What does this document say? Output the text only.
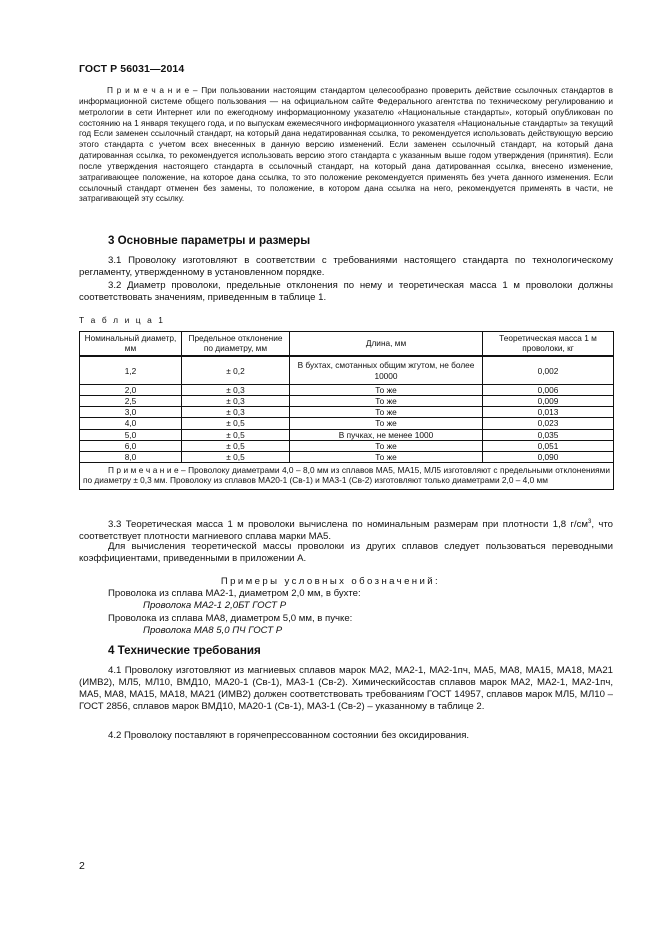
ГОСТ Р 56031—2014

П р и м е ч а н и е – При пользовании настоящим стандартом целесообразно проверить действие ссылочных стандартов в информационной системе общего пользования — на официальном сайте Федерального агентства по техническому регулированию и метрологии в сети Интернет или по ежегодному информационному указателю «Национальные стандарты», который опубликован по состоянию на 1 января текущего года, и по выпускам ежемесячного информационного указателя «Национальные стандарты» за текущий год Если заменен ссылочный стандарт, на который дана недатированная ссылка, то рекомендуется использовать действующую версию этого стандарта с учетом всех внесенных в данную версию изменений. Если заменен ссылочный стандарт, на который дана датированная ссылка, то рекомендуется использовать версию этого стандарта с указанным выше годом утверждения (принятия). Если после утверждения настоящего стандарта в ссылочный стандарт, на который дана датированная ссылка, внесено изменение, затрагивающее положение, на которое дана ссылка, то это положение рекомендуется применять без учета данного изменения. Если ссылочный стандарт отменен без замены, то положение, в котором дана ссылка на него, рекомендуется применять в части, не затрагивающей эту ссылку.

3 Основные параметры и размеры

3.1 Проволоку изготовляют в соответствии с требованиями настоящего стандарта по технологическому регламенту, утвержденному в установленном порядке.

3.2 Диаметр проволоки, предельные отклонения по нему и теоретическая масса 1 м проволоки должны соответствовать значениям, приведенным в таблице 1.

Т а б л и ц а 1
Номинальный диаметр, мм	Предельное отклонение по диаметру, мм	Длина, мм	Теоретическая масса 1 м проволоки, кг
1,2	± 0,2	В бухтах, смотанных общим жгутом, не более 10000	0,002
2,0	± 0,3	То же	0,006
2,5	± 0,3	То же	0,009
3,0	± 0,3	То же	0,013
4,0	± 0,5	То же	0,023
5,0	± 0,5	В пучках, не менее 1000	0,035
6,0	± 0,5	То же	0,051
8,0	± 0,5	То же	0,090
П р и м е ч а н и е – Проволоку диаметрами 4,0 – 8,0 мм из сплавов МА5, МА15, МЛ5 изготовляют с предельными отклонениями по диаметру ± 0,3 мм. Проволоку из сплавов МА20-1 (Св-1) и МА3-1 (Св-2) изготовляют только диаметрами 2,0 – 4,0 мм			

3.3 Теоретическая масса 1 м проволоки вычислена по номинальным размерам при плотности 1,8 $г/см^3$, что соответствует плотности магниевого сплава марки МА5.

Для вычисления теоретической массы проволоки из других сплавов следует пользоваться переводными коэффициентами, приведенными в приложении А.

Примеры условных обозначений:
Проволока из сплава МА2-1, диаметром 2,0 мм, в бухте:
Проволока МА2-1 2,0БТ ГОСТ Р
Проволока из сплава МА8, диаметром 5,0 мм, в пучке:
Проволока МА8 5,0 ПЧ ГОСТ Р
4 Технические требования

4.1 Проволоку изготовляют из магниевых сплавов марок МА2, МА2-1, МА2-1пч, МА5, МА8, МА15, МА18, МА21 (ИМВ2), МЛ5, МЛ10, ВМД10, МА20-1 (Св-1), МА3-1 (Св-2). Химическийсостав сплавов марок МА2, МА2-1, МА2-1пч, МА5, МА8, МА15, МА18, МА21 (ИМВ2) должен соответствовать требованиям ГОСТ 14957, сплавов марок МЛ5, МЛ10 – ГОСТ 2856, сплавов марок ВМД10, МА20-1 (Св-1), МА3-1 (Св-2) – указанному в таблице 2.

4.2 Проволоку поставляют в горячепрессованном состоянии без оксидирования.

2
